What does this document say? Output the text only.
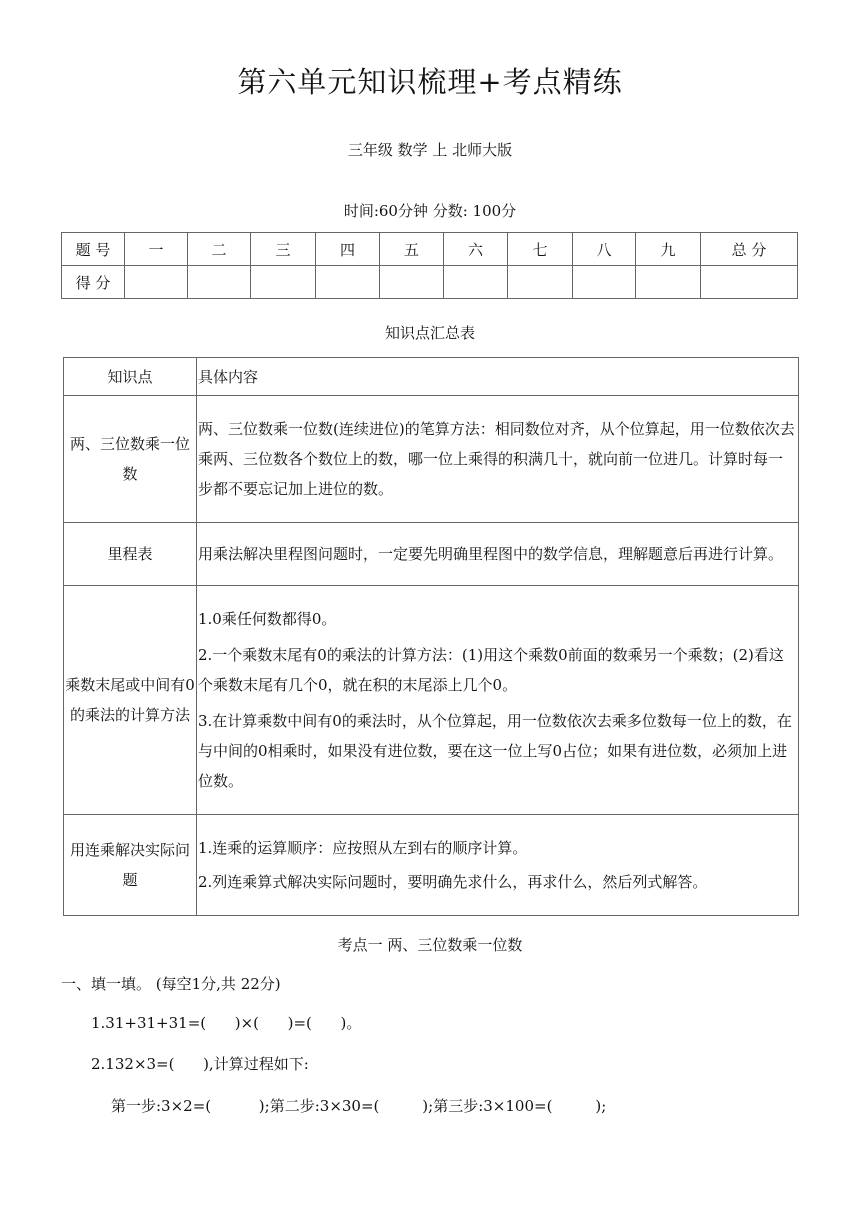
第六单元知识梳理+考点精练
三年级 数学 上 北师大版
时间:60分钟 分数: 100分
题 号	一	二	三	四	五	六	七	八	九	总 分
得 分										
知识点汇总表
知识点	具体内容
两、三位数乘一位数	两、三位数乘一位数(连续进位)的笔算方法：相同数位对齐，从个位算起，用一位数依次去乘两、三位数各个数位上的数，哪一位上乘得的积满几十，就向前一位进几。计算时每一步都不要忘记加上进位的数。

里程表	用乘法解决里程图问题时，一定要先明确里程图中的数学信息，理解题意后再进行计算。

乘数末尾或中间有0的乘法的计算方法	1.0乘任何数都得0。

2.一个乘数末尾有0的乘法的计算方法：(1)用这个乘数0前面的数乘另一个乘数；(2)看这个乘数末尾有几个0，就在积的末尾添上几个0。

3.在计算乘数中间有0的乘法时，从个位算起，用一位数依次去乘多位数每一位上的数，在与中间的0相乘时，如果没有进位数，要在这一位上写0占位；如果有进位数，必须加上进位数。

用连乘解决实际问题	1.连乘的运算顺序：应按照从左到右的顺序计算。

2.列连乘算式解决实际问题时，要明确先求什么，再求什么，然后列式解答。

考点一 两、三位数乘一位数
一、填一填。 (每空1分,共 22分)
1.31+31+31=(      )×(      )=(      )。
2.132×3=(      ),计算过程如下:
第一步:3×2=(          );第二步:3×30=(         );第三步:3×100=(         );
